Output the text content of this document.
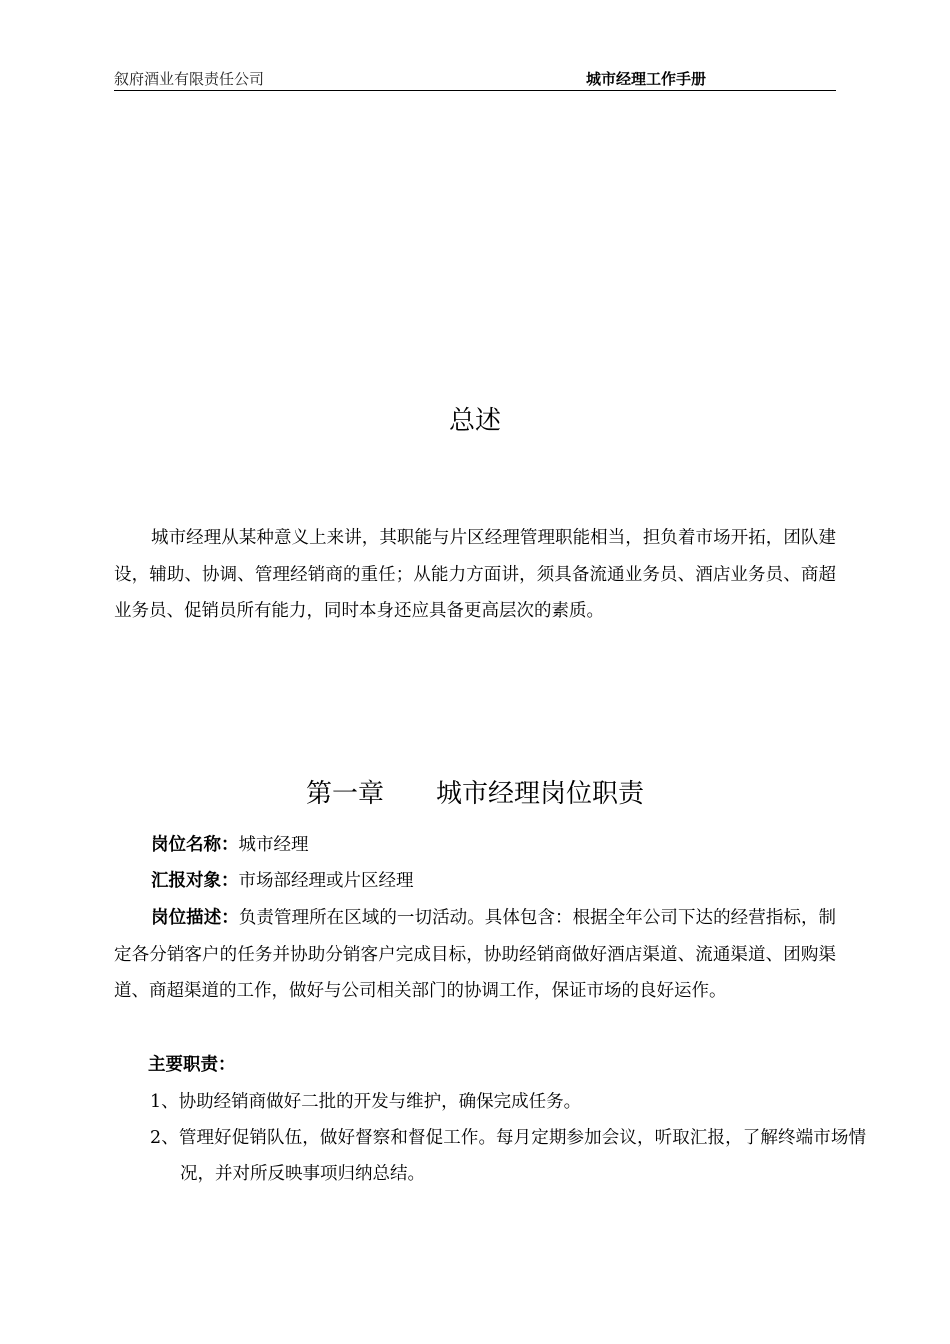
叙府酒业有限责任公司	城市经理工作手册
总述

城市经理从某种意义上来讲，其职能与片区经理管理职能相当，担负着市场开拓，团队建设，辅助、协调、管理经销商的重任；从能力方面讲，须具备流通业务员、酒店业务员、商超业务员、促销员所有能力，同时本身还应具备更高层次的素质。

第一章　　城市经理岗位职责

岗位名称：城市经理

汇报对象：市场部经理或片区经理

岗位描述：负责管理所在区域的一切活动。具体包含：根据全年公司下达的经营指标，制定各分销客户的任务并协助分销客户完成目标，协助经销商做好酒店渠道、流通渠道、团购渠道、商超渠道的工作，做好与公司相关部门的协调工作，保证市场的良好运作。

主要职责：

1、协助经销商做好二批的开发与维护，确保完成任务。

2、管理好促销队伍，做好督察和督促工作。每月定期参加会议，听取汇报，了解终端市场情况，并对所反映事项归纳总结。
